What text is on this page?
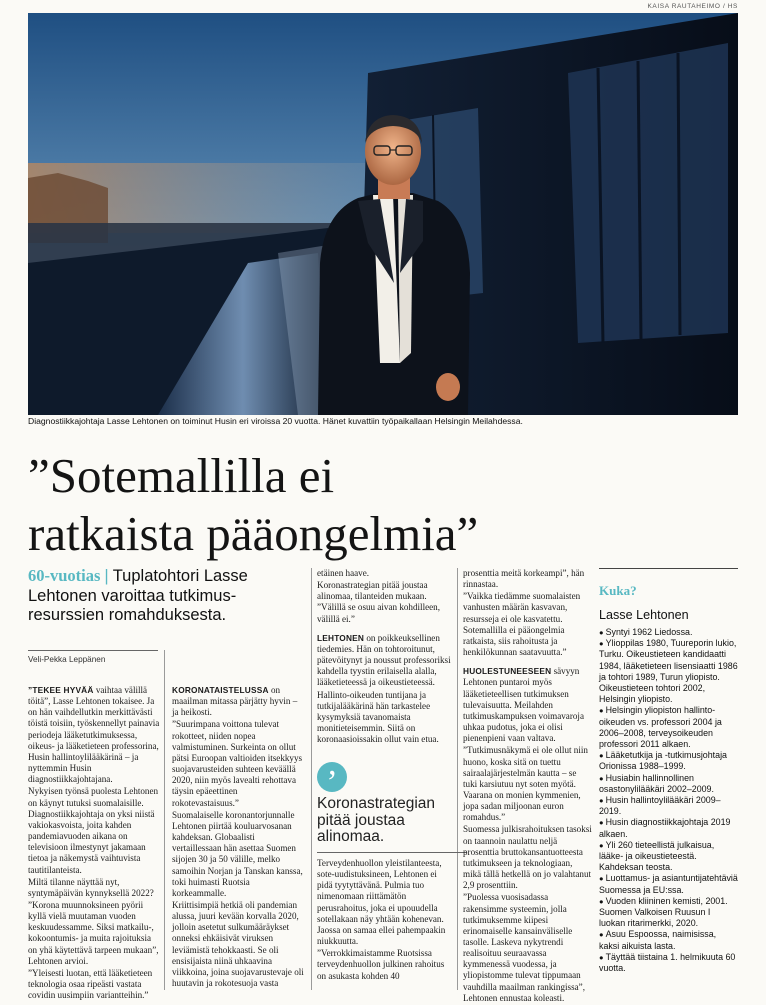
KAISA RAUTAHEIMO / HS
Diagnostiikkajohtaja Lasse Lehtonen on toiminut Husin eri viroissa 20 vuotta. Hänet kuvattiin työpaikallaan Helsingin Meilahdessa.
”Sotemallilla ei
ratkaista pääongelmia”
60-vuotias | Tuplatohtori Lasse Lehtonen varoittaa tutkimusresurssien romahduksesta.
Veli-Pekka Leppänen

”TEKEE HYVÄÄ vaihtaa välillä töitä”, Lasse Lehtonen tokaisee. Ja on hän vaihdellutkin merkittävästi töistä toisiin, työskennellyt painavia periodeja lääketutkimuksessa, oikeus- ja lääketieteen professorina, Husin hallintoylilääkärinä – ja nyttemmin Husin diagnostiikkajohtajana.

Nykyisen työnsä puolesta Lehtonen on käynyt tutuksi suomalaisille. Diagnostiikkajohtaja on yksi niistä vakiokasvoista, joita kahden pandemiavuoden aikana on televisioon ilmestynyt jakamaan tietoa ja näkemystä vaihtuvista tautitilanteista.

Miltä tilanne näyttää nyt, syntymäpäivän kynnyksellä 2022?

”Korona muunnoksineen pyörii kyllä vielä muutaman vuoden keskuudessamme. Siksi matkailu-, kokoontumis- ja muita rajoituksia on yhä käytettävä tarpeen mukaan”, Lehtonen arvioi.

”Yleisesti luotan, että lääketieteen teknologia osaa ripeästi vastata covidin uusimpiin variantteihin.”

KORONATAISTELUSSA on maailman mitassa pärjätty hyvin – ja heikosti.

”Suurimpana voittona tulevat rokotteet, niiden nopea valmistuminen. Surkeinta on ollut pätsi Euroopan valtioiden itsekkyys suojavarusteiden suhteen keväällä 2020, niin myös lavealti rehottava täysin epäeettinen rokotevastaisuus.”

Suomalaiselle koronantorjunnalle Lehtonen piirtää kouluarvosanan kahdeksan. Globaalisti vertaillessaan hän asettaa Suomen sijojen 30 ja 50 välille, melko samoihin Norjan ja Tanskan kanssa, toki huimasti Ruotsia korkeammalle.

Kriittisimpiä hetkiä oli pandemian alussa, juuri kevään korvalla 2020, jolloin asetetut sulkumääräykset onneksi ehkäisivät viruksen leviämistä tehokkaasti. Se oli ensisijaista niinä uhkaavina viikkoina, joina suojavarustevaje oli huutavin ja rokotesuoja vasta

etäinen haave.

Koronastrategian pitää joustaa alinomaa, tilanteiden mukaan. ”Välillä se osuu aivan kohdilleen, välillä ei.”

LEHTONEN on poikkeuksellinen tiedemies. Hän on tohtoroitunut, pätevöitynyt ja noussut professoriksi kahdella tyystin erilaisella alalla, lääketieteessä ja oikeustieteessä.

Hallinto-oikeuden tuntijana ja tutkijalääkärinä hän tarkastelee kysymyksiä tavanomaista monitieteisemmin. Siitä on koronaasioissakin ollut vain etua.

’
Koronastrategian pitää joustaa alinomaa.

Terveydenhuollon yleistilanteesta, sote-uudistuksineen, Lehtonen ei pidä tyytyttävänä. Pulmia tuo nimenomaan riittämätön perusrahoitus, joka ei upouudella sotellakaan näy yhtään kohenevan. Jaossa on samaa ellei pahempaakin niukkuutta.

”Verrokkimaistamme Ruotsissa terveydenhuollon julkinen rahoitus on asukasta kohden 40

prosenttia meitä korkeampi”, hän rinnastaa.

”Vaikka tiedämme suomalaisten vanhusten määrän kasvavan, resursseja ei ole kasvatettu. Sotemallilla ei pääongelmia ratkaista, siis rahoitusta ja henkilökunnan saatavuutta.”

HUOLESTUNEESEEN sävyyn Lehtonen puntaroi myös lääketieteellisen tutkimuksen tulevaisuutta. Meilahden tutkimuskampuksen voimavaroja uhkaa pudotus, joka ei olisi pienenpieni vaan valtava.

”Tutkimusnäkymä ei ole ollut niin huono, koska sitä on tuettu sairaalajärjestelmän kautta – se tuki karsiutuu nyt soten myötä. Vaarana on monien kymmenien, jopa sadan miljoonan euron romahdus.”

Suomessa julkisrahoituksen tasoksi on taannoin naulattu neljä prosenttia bruttokansantuotteesta tutkimukseen ja teknologiaan, mikä tällä hetkellä on jo valahtanut 2,9 prosenttiin.

”Puolessa vuosisadassa rakensimme systeemin, jolla tutkimuksemme kiipesi erinomaiselle kansainväliselle tasolle. Laskeva nykytrendi realisoituu seuraavassa kymmenessä vuodessa, ja yliopistomme tulevat tippumaan vauhdilla maailman rankingissa”, Lehtonen ennustaa koleasti.

Kuka?
Lasse Lehtonen
● Syntyi 1962 Liedossa.
● Ylioppilas 1980, Tuureporin lukio, Turku. Oikeustieteen kandidaatti 1984, lääketieteen lisensiaatti 1986 ja tohtori 1989, Turun yliopisto. Oikeustieteen tohtori 2002, Helsingin yliopisto.
● Helsingin yliopiston hallinto-oikeuden vs. professori 2004 ja 2006–2008, terveysoikeuden professori 2011 alkaen.
● Lääketutkija ja -tutkimusjohtaja Orionissa 1988–1999.
● Husiabin hallinnollinen osastonylilääkäri 2002–2009.
● Husin hallintoylilääkäri 2009–2019.
● Husin diagnostiikkajohtaja 2019 alkaen.
● Yli 260 tieteellistä julkaisua, lääke- ja oikeustieteestä. Kahdeksan teosta.
● Luottamus- ja asiantuntijatehtäviä Suomessa ja EU:ssa.
● Vuoden kliininen kemisti, 2001. Suomen Valkoisen Ruusun I luokan ritarimerkki, 2020.
● Asuu Espoossa, naimisissa, kaksi aikuista lasta.
● Täyttää tiistaina 1. helmikuuta 60 vuotta.
